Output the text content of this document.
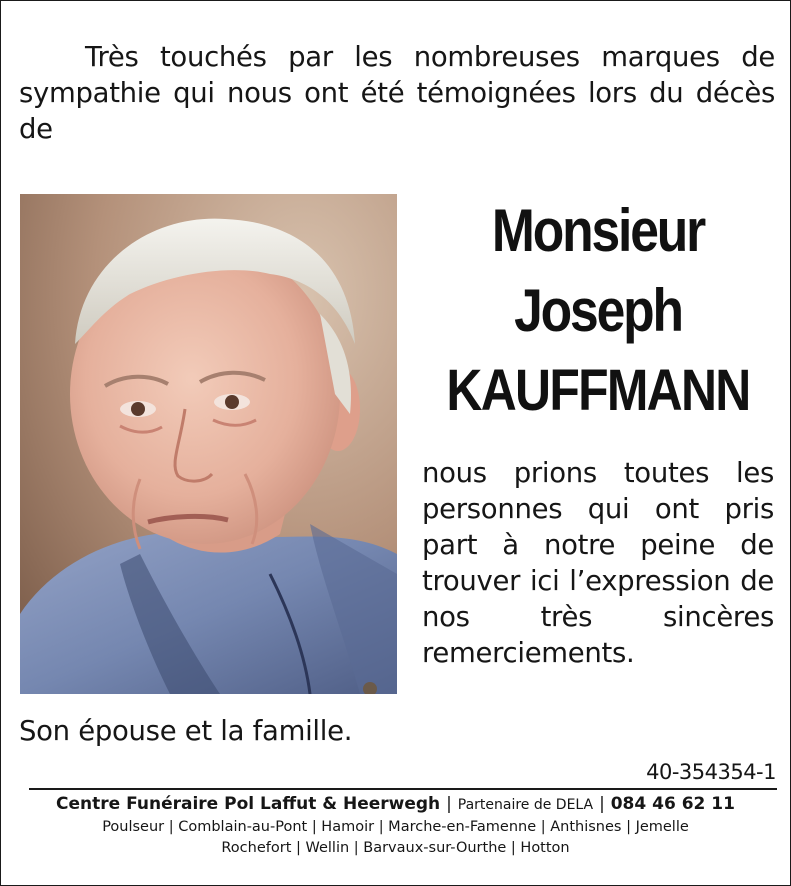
Très touchés par les nombreuses marques de sympathie qui nous ont été témoignées lors du décès de
Monsieur
Joseph
KAUFFMANN
nous prions toutes les personnes qui ont pris part à notre peine de trouver ici l’expression de nos très sincères remerciements.
Son épouse et la famille.
40-354354-1
Centre Funéraire Pol Laffut & Heerwegh | Partenaire de DELA | 084 46 62 11
Poulseur | Comblain-au-Pont | Hamoir | Marche-en-Famenne | Anthisnes | Jemelle
Rochefort | Wellin | Barvaux-sur-Ourthe | Hotton
